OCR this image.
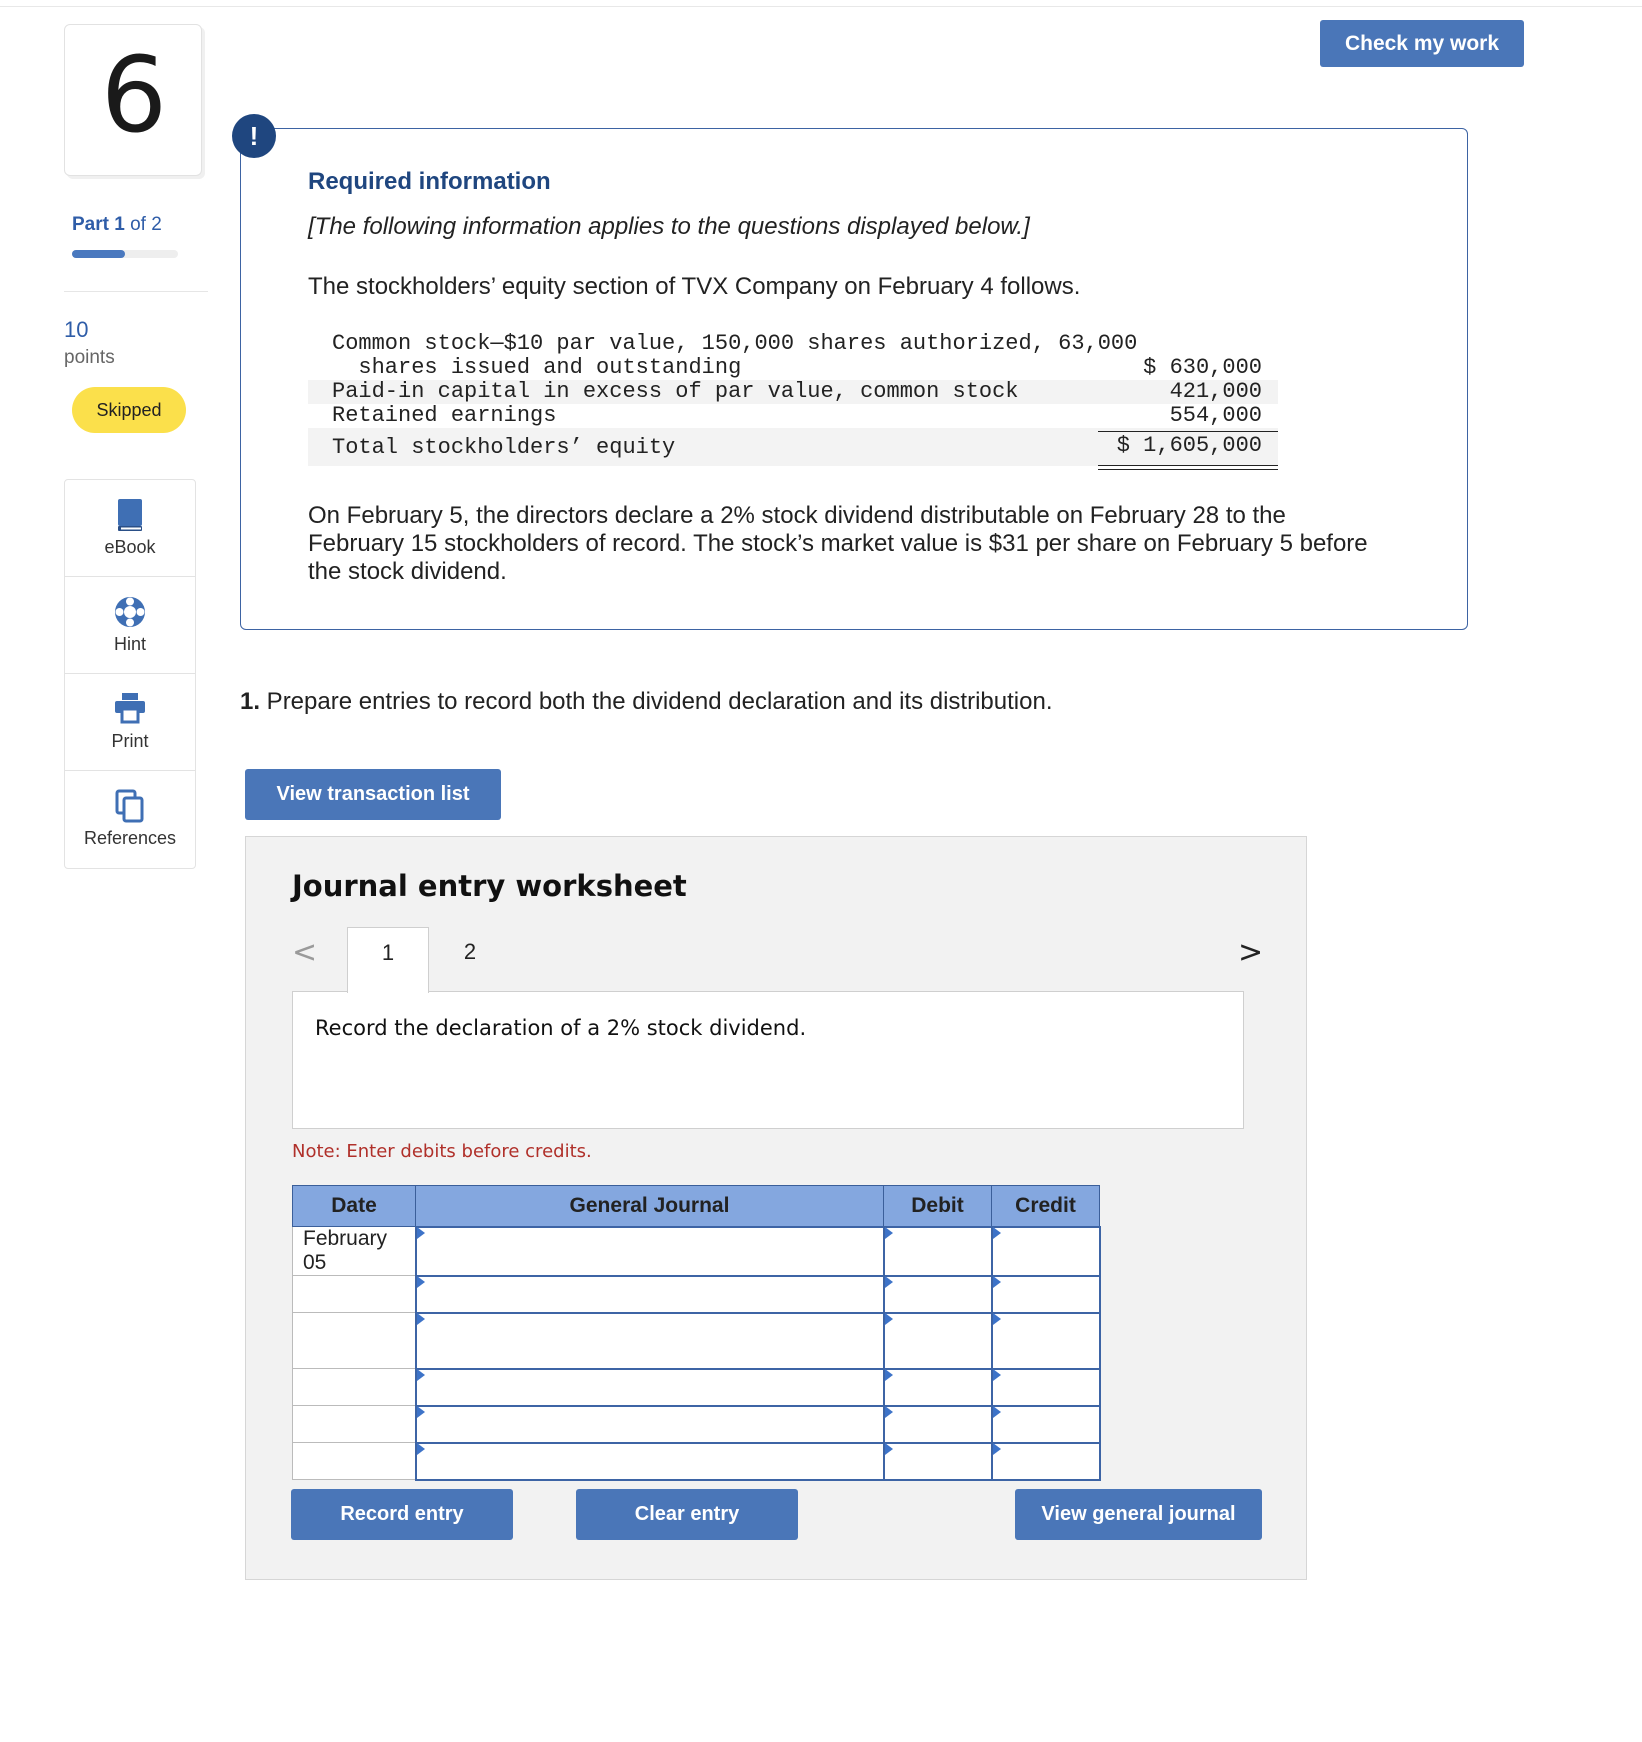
6
Part 1 of 2
10
points
Skipped
eBook
Hint
Print
References
Check my work
!
Required information
[The following information applies to the questions displayed below.]
The stockholders’ equity section of TVX Company on February 4 follows.
Common stock—$10 par value, 150,000 shares authorized, 63,000
shares issued and outstanding	$ 630,000
Paid-in capital in excess of par value, common stock	421,000
Retained earnings	554,000
Total stockholders’ equity	$ 1,605,000
On February 5, the directors declare a 2% stock dividend distributable on February 28 to the February 15 stockholders of record. The stock’s market value is $31 per share on February 5 before the stock dividend.
1. Prepare entries to record both the dividend declaration and its distribution.
View transaction list
Journal entry worksheet
<	>
1	2
Record the declaration of a 2% stock dividend.
Note: Enter debits before credits.
Date	General Journal	Debit	Credit
February 05	

Record entry	Clear entry	View general journal
